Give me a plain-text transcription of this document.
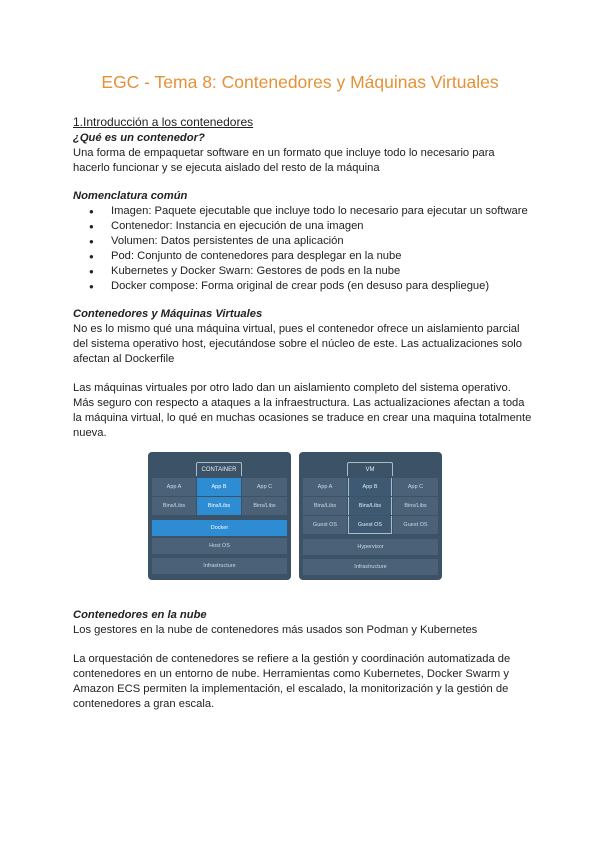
EGC - Tema 8: Contenedores y Máquinas Virtuales

1.Introducción a los contenedores

¿Qué es un contenedor?

Una forma de empaquetar software en un formato que incluye todo lo necesario para

hacerlo funcionar y se ejecuta aislado del resto de la máquina

Nomenclatura común

● Imagen: Paquete ejecutable que incluye todo lo necesario para ejecutar un software
● Contenedor: Instancia en ejecución de una imagen
● Volumen: Datos persistentes de una aplicación
● Pod: Conjunto de contenedores para desplegar en la nube
● Kubernetes y Docker Swarn: Gestores de pods en la nube
● Docker compose: Forma original de crear pods (en desuso para despliegue)

Contenedores y Máquinas Virtuales

No es lo mismo qué una máquina virtual, pues el contenedor ofrece un aislamiento parcial

del sistema operativo host, ejecutándose sobre el núcleo de este. Las actualizaciones solo

afectan al Dockerfile

Las máquinas virtuales por otro lado dan un aislamiento completo del sistema operativo.

Más seguro con respecto a ataques a la infraestructura. Las actualizaciones afectan a toda

la máquina virtual, lo qué en muchas ocasiones se traduce en crear una maquina totalmente

nueva.

CONTAINER
App A	App B	App C
Bins/Libs	Bins/Libs	Bins/Libs
Docker
Host OS
Infrastructure
VM
App A	App B	App C
Bins/Libs	Bins/Libs	Bins/Libs
Guest OS	Guest OS	Guest OS
Hypervisor
Infrastructure

Contenedores en la nube

Los gestores en la nube de contenedores más usados son Podman y Kubernetes

La orquestación de contenedores se refiere a la gestión y coordinación automatizada de

contenedores en un entorno de nube. Herramientas como Kubernetes, Docker Swarm y

Amazon ECS permiten la implementación, el escalado, la monitorización y la gestión de

contenedores a gran escala.
